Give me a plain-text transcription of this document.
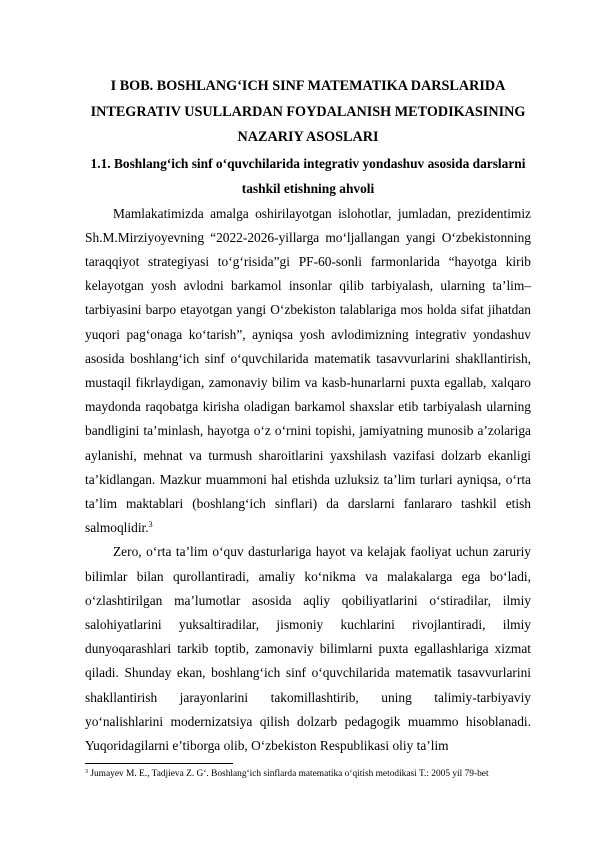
I BOB. BOSHLANG‘ICH SINF MATEMATIKA DARSLARIDA
INTEGRATIV USULLARDAN FOYDALANISH METODIKASINING
NAZARIY ASOSLARI
1.1. Boshlang‘ich sinf o‘quvchilarida integrativ yondashuv asosida darslarni
tashkil etishning ahvoli

Mamlakatimizda amalga oshirilayotgan islohotlar, jumladan, prezidentimiz Sh.M.Mirziyoyevning “2022-2026-yillarga mo‘ljallangan yangi O‘zbekistonning taraqqiyot strategiyasi to‘g‘risida”gi PF-60-sonli farmonlarida “hayotga kirib kelayotgan yosh avlodni barkamol insonlar qilib tarbiyalash, ularning ta’lim–tarbiyasini barpo etayotgan yangi O‘zbekiston talablariga mos holda sifat jihatdan yuqori pag‘onaga ko‘tarish”, ayniqsa yosh avlodimizning integrativ yondashuv asosida boshlang‘ich sinf o‘quvchilarida matematik tasavvurlarini shakllantirish, mustaqil fikrlaydigan, zamonaviy bilim va kasb-hunarlarni puxta egallab, xalqaro maydonda raqobatga kirisha oladigan barkamol shaxslar etib tarbiyalash ularning bandligini ta’minlash, hayotga o‘z o‘rnini topishi, jamiyatning munosib a’zolariga aylanishi, mehnat va turmush sharoitlarini yaxshilash vazifasi dolzarb ekanligi ta’kidlangan. Mazkur muammoni hal etishda uzluksiz ta’lim turlari ayniqsa, o‘rta ta’lim maktablari (boshlang‘ich sinflari) da darslarni fanlararo tashkil etish salmoqlidir.$^3$

Zero, o‘rta ta’lim o‘quv dasturlariga hayot va kelajak faoliyat uchun zaruriy bilimlar bilan qurollantiradi, amaliy ko‘nikma va malakalarga ega bo‘ladi, o‘zlashtirilgan ma’lumotlar asosida aqliy qobiliyatlarini o‘stiradilar, ilmiy salohiyatlarini yuksaltiradilar, jismoniy kuchlarini rivojlantiradi, ilmiy dunyoqarashlari tarkib toptib, zamonaviy bilimlarni puxta egallashlariga xizmat qiladi. Shunday ekan, boshlang‘ich sinf o‘quvchilarida matematik tasavvurlarini shakllantirish jarayonlarini takomillashtirib, uning talimiy-tarbiyaviy yo‘nalishlarini modernizatsiya qilish dolzarb pedagogik muammo hisoblanadi. Yuqoridagilarni e’tiborga olib, O‘zbekiston Respublikasi oliy ta’lim

$^3$ Jumayev M. E., Tadjieva Z. G‘. Boshlang‘ich sinflarda matematika o‘qitish metodikasi T.: 2005 yil 79-bet
